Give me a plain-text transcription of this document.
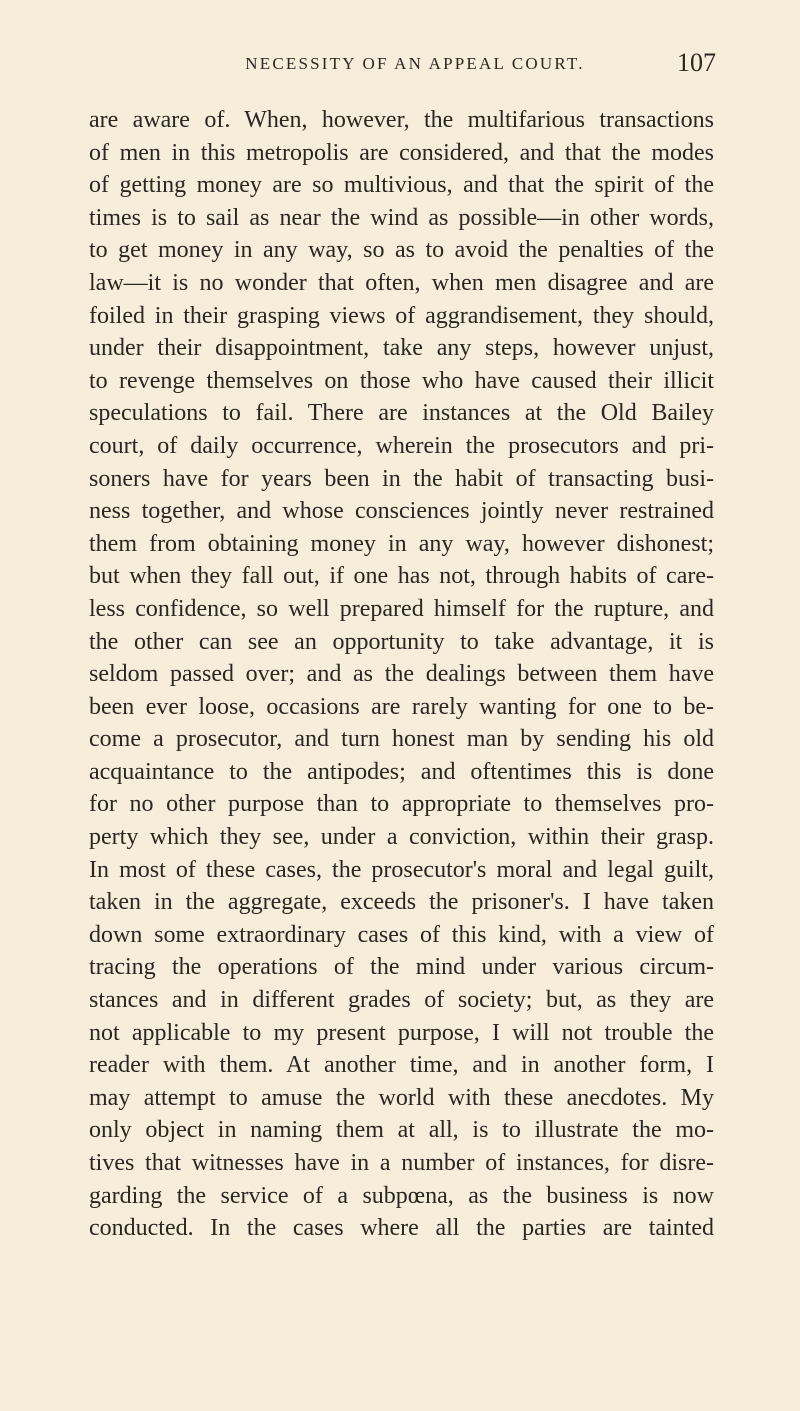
NECESSITY OF AN APPEAL COURT.	107
are aware of. When, however, the multifarious transactions
of men in this metropolis are considered, and that the modes
of getting money are so multivious, and that the spirit of the
times is to sail as near the wind as possible—in other words,
to get money in any way, so as to avoid the penalties of the
law—it is no wonder that often, when men disagree and are
foiled in their grasping views of aggrandisement, they should,
under their disappointment, take any steps, however unjust,
to revenge themselves on those who have caused their illicit
speculations to fail. There are instances at the Old Bailey
court, of daily occurrence, wherein the prosecutors and pri-
soners have for years been in the habit of transacting busi-
ness together, and whose consciences jointly never restrained
them from obtaining money in any way, however dishonest;
but when they fall out, if one has not, through habits of care-
less confidence, so well prepared himself for the rupture, and
the other can see an opportunity to take advantage, it is
seldom passed over; and as the dealings between them have
been ever loose, occasions are rarely wanting for one to be-
come a prosecutor, and turn honest man by sending his old
acquaintance to the antipodes; and oftentimes this is done
for no other purpose than to appropriate to themselves pro-
perty which they see, under a conviction, within their grasp.
In most of these cases, the prosecutor's moral and legal guilt,
taken in the aggregate, exceeds the prisoner's. I have taken
down some extraordinary cases of this kind, with a view of
tracing the operations of the mind under various circum-
stances and in different grades of society; but, as they are
not applicable to my present purpose, I will not trouble the
reader with them. At another time, and in another form, I
may attempt to amuse the world with these anecdotes. My
only object in naming them at all, is to illustrate the mo-
tives that witnesses have in a number of instances, for disre-
garding the service of a subpœna, as the business is now
conducted. In the cases where all the parties are tainted
